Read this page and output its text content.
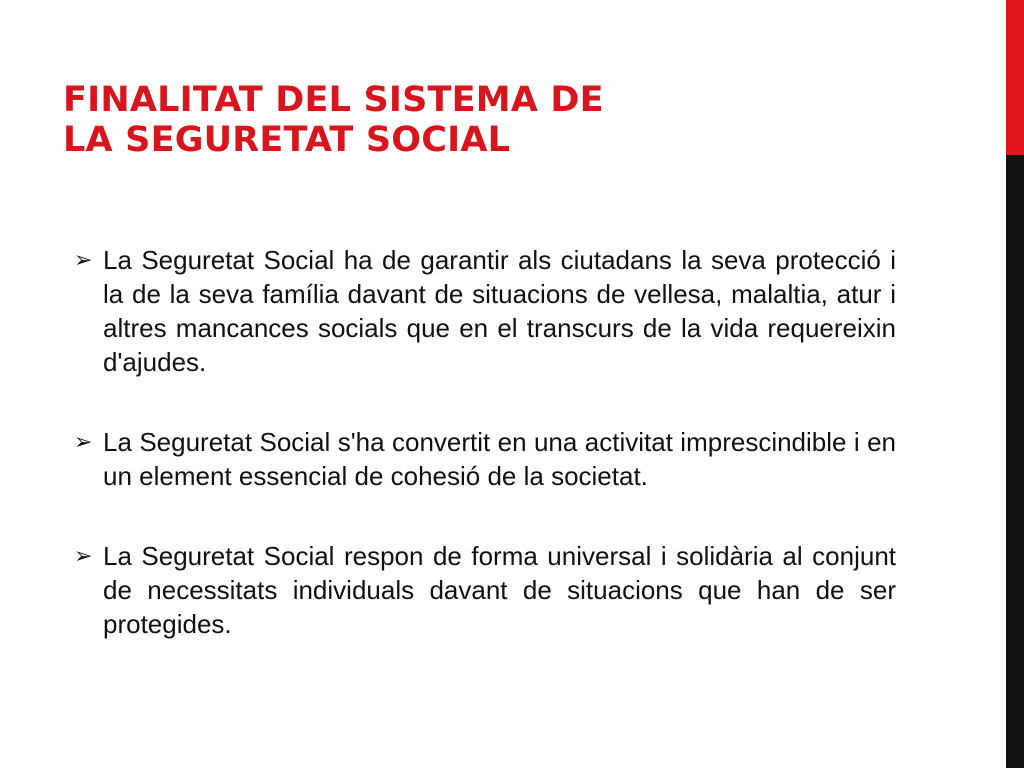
FINALITAT DEL SISTEMA DE
LA SEGURETAT SOCIAL
➢ La Seguretat Social ha de garantir als ciutadans la seva protecció i la de la seva família davant de situacions de vellesa, malaltia, atur i altres mancances socials que en el transcurs de la vida requereixin d'ajudes.

➢ La Seguretat Social s'ha convertit en una activitat imprescindible i en un element essencial de cohesió de la societat.

➢ La Seguretat Social respon de forma universal i solidària al conjunt de necessitats individuals davant de situacions que han de ser protegides.
